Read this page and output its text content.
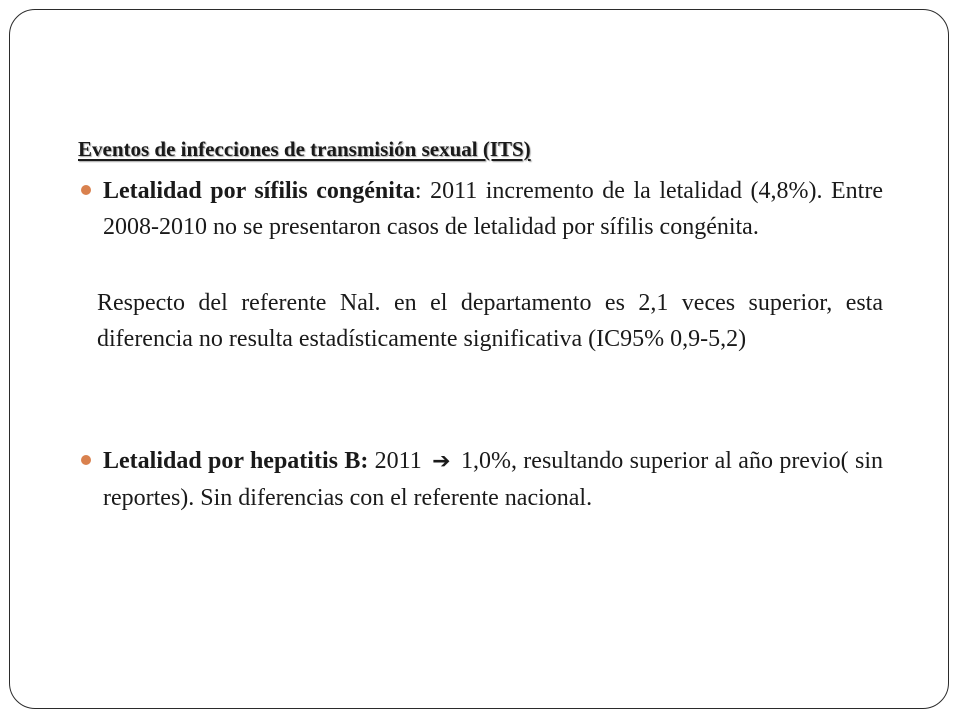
Eventos de infecciones de transmisión sexual (ITS)
Letalidad por sífilis congénita: 2011 incremento de la letalidad (4,8%). Entre 2008-2010 no se presentaron casos de letalidad por sífilis congénita.
Respecto del referente Nal. en el departamento es 2,1 veces superior, esta diferencia no resulta estadísticamente significativa (IC95% 0,9-5,2)
Letalidad por hepatitis B: 2011 ➔ 1,0%, resultando superior al año previo( sin reportes). Sin diferencias con el referente nacional.
